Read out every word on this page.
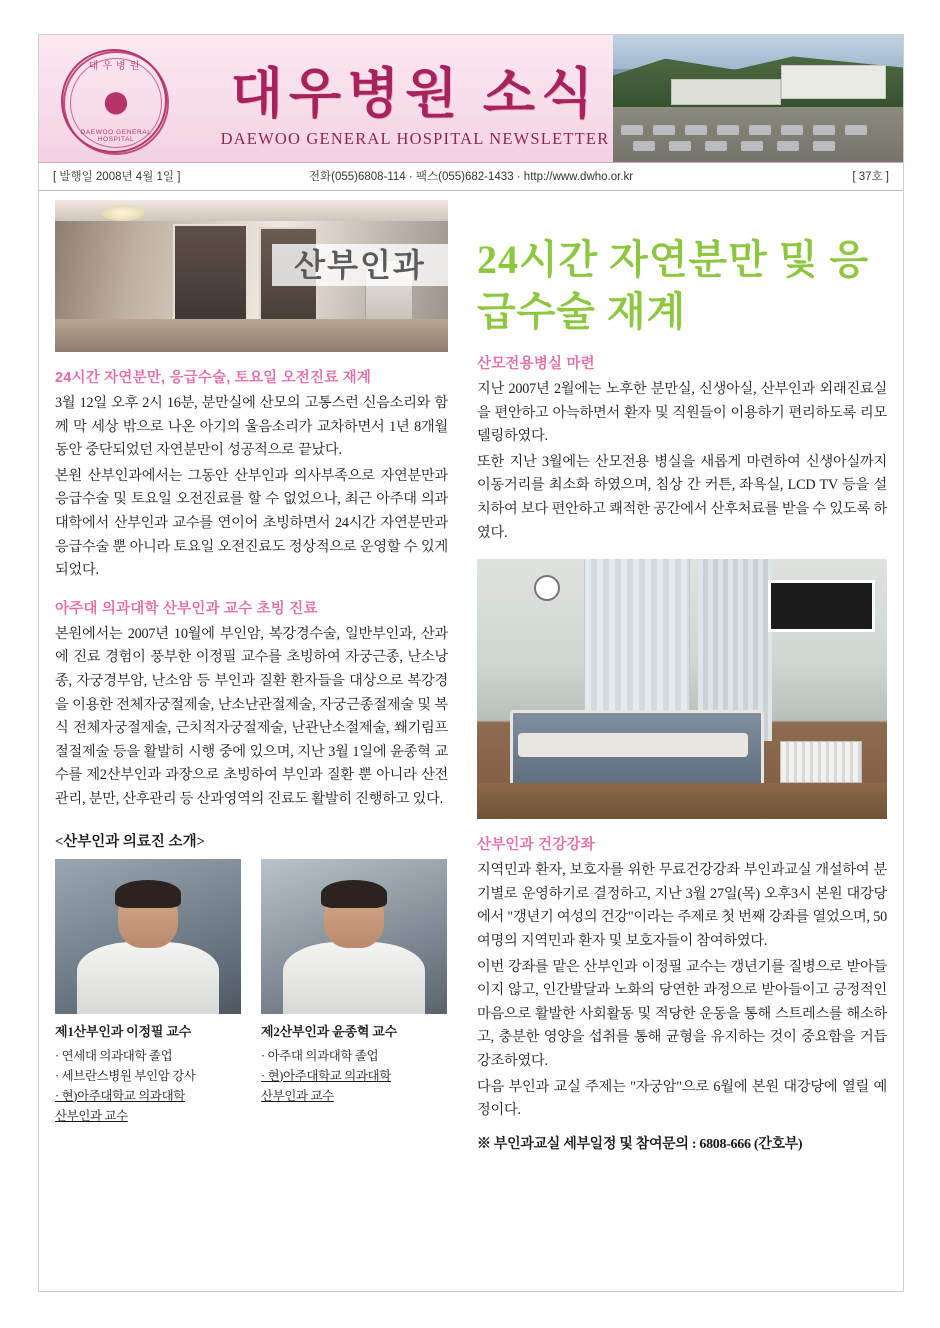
대우병원
●
DAEWOO GENERAL HOSPITAL
대우병원 소식
DAEWOO GENERAL HOSPITAL NEWSLETTER
[ 발행일 2008년 4월 1일 ]	전화(055)6808-114 · 팩스(055)682-1433 · http://www.dwho.or.kr	[ 37호 ]
24시간 자연분만, 응급수술, 토요일 오전진료 재계

3월 12일 오후 2시 16분, 분만실에 산모의 고통스런 신음소리와 함께 막 세상 밖으로 나온 아기의 울음소리가 교차하면서 1년 8개월 동안 중단되었던 자연분만이 성공적으로 끝났다.

본원 산부인과에서는 그동안 산부인과 의사부족으로 자연분만과 응급수술 및 토요일 오전진료를 할 수 없었으나, 최근 아주대 의과대학에서 산부인과 교수를 연이어 초빙하면서 24시간 자연분만과 응급수술 뿐 아니라 토요일 오전진료도 정상적으로 운영할 수 있게 되었다.

아주대 의과대학 산부인과 교수 초빙 진료

본원에서는 2007년 10월에 부인암, 복강경수술, 일반부인과, 산과에 진료 경험이 풍부한 이정필 교수를 초빙하여 자궁근종, 난소낭종, 자궁경부암, 난소암 등 부인과 질환 환자들을 대상으로 복강경을 이용한 전체자궁절제술, 난소난관절제술, 자궁근종절제술 및 복식 전체자궁절제술, 근치적자궁절제술, 난관난소절제술, 쐐기림프절절제술 등을 활발히 시행 중에 있으며, 지난 3월 1일에 윤종혁 교수를 제2산부인과 과장으로 초빙하여 부인과 질환 뿐 아니라 산전관리, 분만, 산후관리 등 산과영역의 진료도 활발히 진행하고 있다.

<산부인과 의료진 소개>
제1산부인과 이정필 교수
· 연세대 의과대학 졸업
· 세브란스병원 부인암 강사
· 현)아주대학교 의과대학
산부인과 교수
제2산부인과 윤종혁 교수
· 아주대 의과대학 졸업
· 현)아주대학교 의과대학
산부인과 교수
24시간 자연분만 및 응급수술 재계
산모전용병실 마련

지난 2007년 2월에는 노후한 분만실, 신생아실, 산부인과 외래진료실을 편안하고 아늑하면서 환자 및 직원들이 이용하기 편리하도록 리모델링하였다.

또한 지난 3월에는 산모전용 병실을 새롭게 마련하여 신생아실까지 이동거리를 최소화 하였으며, 침상 간 커튼, 좌욕실, LCD TV 등을 설치하여 보다 편안하고 쾌적한 공간에서 산후처료를 받을 수 있도록 하였다.

산부인과 건강강좌

지역민과 환자, 보호자를 위한 무료건강강좌 부인과교실 개설하여 분기별로 운영하기로 결정하고, 지난 3월 27일(목) 오후3시 본원 대강당에서 "갱년기 여성의 건강"이라는 주제로 첫 번째 강좌를 열었으며, 50여명의 지역민과 환자 및 보호자들이 참여하였다.

이번 강좌를 맡은 산부인과 이정필 교수는 갱년기를 질병으로 받아들이지 않고, 인간발달과 노화의 당연한 과정으로 받아들이고 긍정적인 마음으로 활발한 사회활동 및 적당한 운동을 통해 스트레스를 해소하고, 충분한 영양을 섭취를 통해 균형을 유지하는 것이 중요함을 거듭 강조하였다.

다음 부인과 교실 주제는 "자궁암"으로 6월에 본원 대강당에 열릴 예정이다.

※ 부인과교실 세부일정 및 참여문의 : 6808-666 (간호부)
산부인과
